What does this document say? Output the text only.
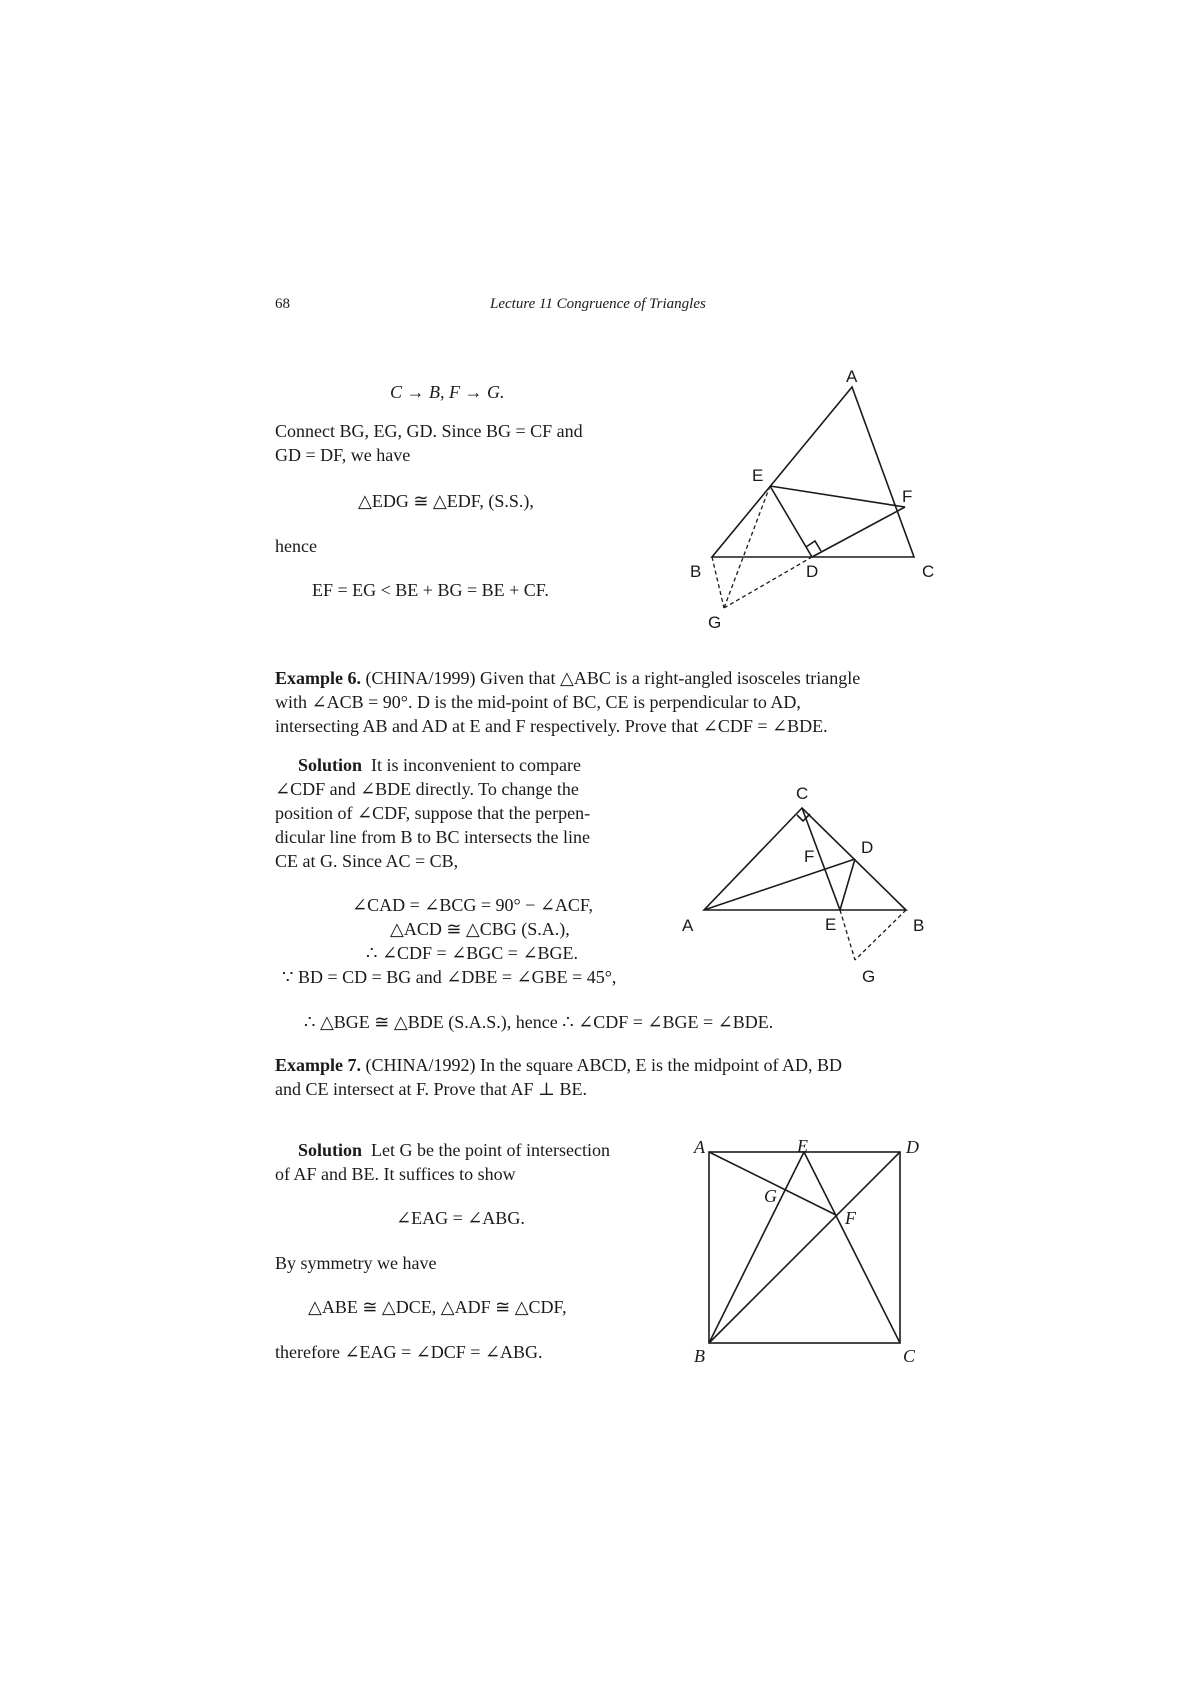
68	Lecture 11 Congruence of Triangles
C → B, F → G.
Connect BG, EG, GD. Since BG = CF and
GD = DF, we have
△EDG ≅ △EDF, (S.S.),
hence
EF = EG < BE + BG = BE + CF.
A
E
F
B	D	C
G
Example 6. (CHINA/1999) Given that △ABC is a right-angled isosceles triangle
with ∠ACB = 90°. D is the mid-point of BC, CE is perpendicular to AD,
intersecting AB and AD at E and F respectively. Prove that ∠CDF = ∠BDE.
Solution It is inconvenient to compare
∠CDF and ∠BDE directly. To change the
position of ∠CDF, suppose that the perpen-
dicular line from B to BC intersects the line
CE at G. Since AC = CB,
∠CAD = ∠BCG = 90° − ∠ACF,
△ACD ≅ △CBG (S.A.),
∴ ∠CDF = ∠BGC = ∠BGE.
∵ BD = CD = BG and ∠DBE = ∠GBE = 45°,
∴ △BGE ≅ △BDE (S.A.S.), hence ∴ ∠CDF = ∠BGE = ∠BDE.
C
F	D
A	E	B
G
Example 7. (CHINA/1992) In the square ABCD, E is the midpoint of AD, BD
and CE intersect at F. Prove that AF ⊥ BE.
Solution Let G be the point of intersection
of AF and BE. It suffices to show
∠EAG = ∠ABG.
By symmetry we have
△ABE ≅ △DCE, △ADF ≅ △CDF,
therefore ∠EAG = ∠DCF = ∠ABG.
A	E	D
G
F
B	C
